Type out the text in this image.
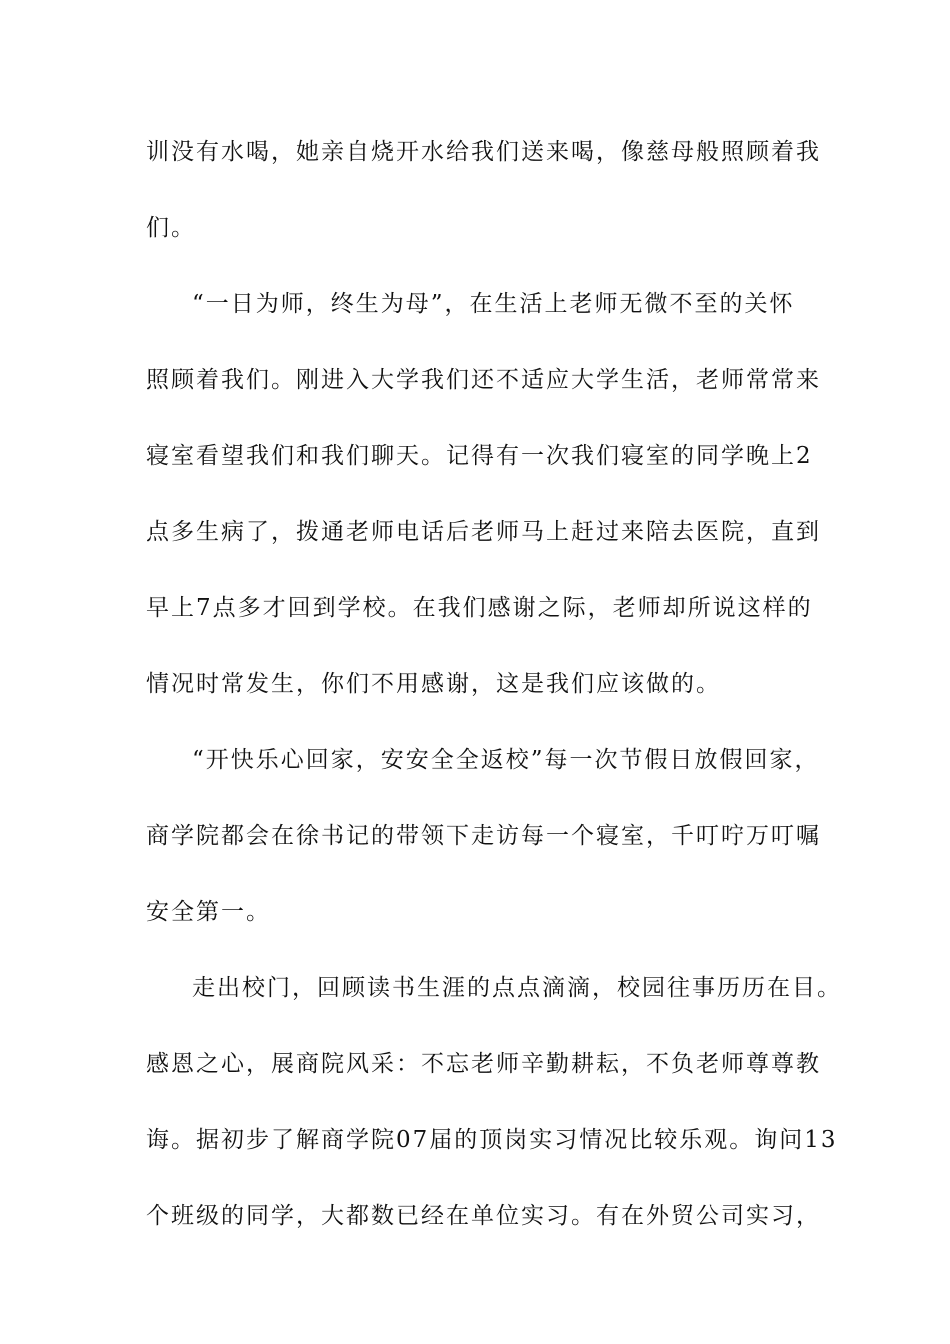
训没有水喝，她亲自烧开水给我们送来喝，像慈母般照顾着我
们。
“一日为师，终生为母”，在生活上老师无微不至的关怀
照顾着我们。刚进入大学我们还不适应大学生活，老师常常来
寝室看望我们和我们聊天。记得有一次我们寝室的同学晚上2
点多生病了，拨通老师电话后老师马上赶过来陪去医院，直到
早上7点多才回到学校。在我们感谢之际，老师却所说这样的
情况时常发生，你们不用感谢，这是我们应该做的。
“开快乐心回家，安安全全返校”每一次节假日放假回家，
商学院都会在徐书记的带领下走访每一个寝室，千叮咛万叮嘱
安全第一。
走出校门，回顾读书生涯的点点滴滴，校园往事历历在目。
感恩之心，展商院风采：不忘老师辛勤耕耘，不负老师尊尊教
诲。据初步了解商学院07届的顶岗实习情况比较乐观。询问13
个班级的同学，大都数已经在单位实习。有在外贸公司实习，
